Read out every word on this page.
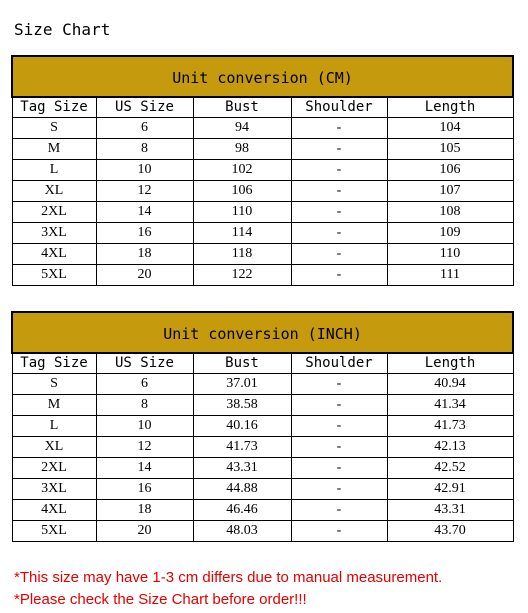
Size Chart
Unit conversion (CM)				
Tag Size	US Size	Bust	Shoulder	Length
S	6	94	-	104
M	8	98	-	105
L	10	102	-	106
XL	12	106	-	107
2XL	14	110	-	108
3XL	16	114	-	109
4XL	18	118	-	110
5XL	20	122	-	111
Unit conversion (INCH)				
Tag Size	US Size	Bust	Shoulder	Length
S	6	37.01	-	40.94
M	8	38.58	-	41.34
L	10	40.16	-	41.73
XL	12	41.73	-	42.13
2XL	14	43.31	-	42.52
3XL	16	44.88	-	42.91
4XL	18	46.46	-	43.31
5XL	20	48.03	-	43.70
*This size may have 1-3 cm differs due to manual measurement.
*Please check the Size Chart before order!!!
